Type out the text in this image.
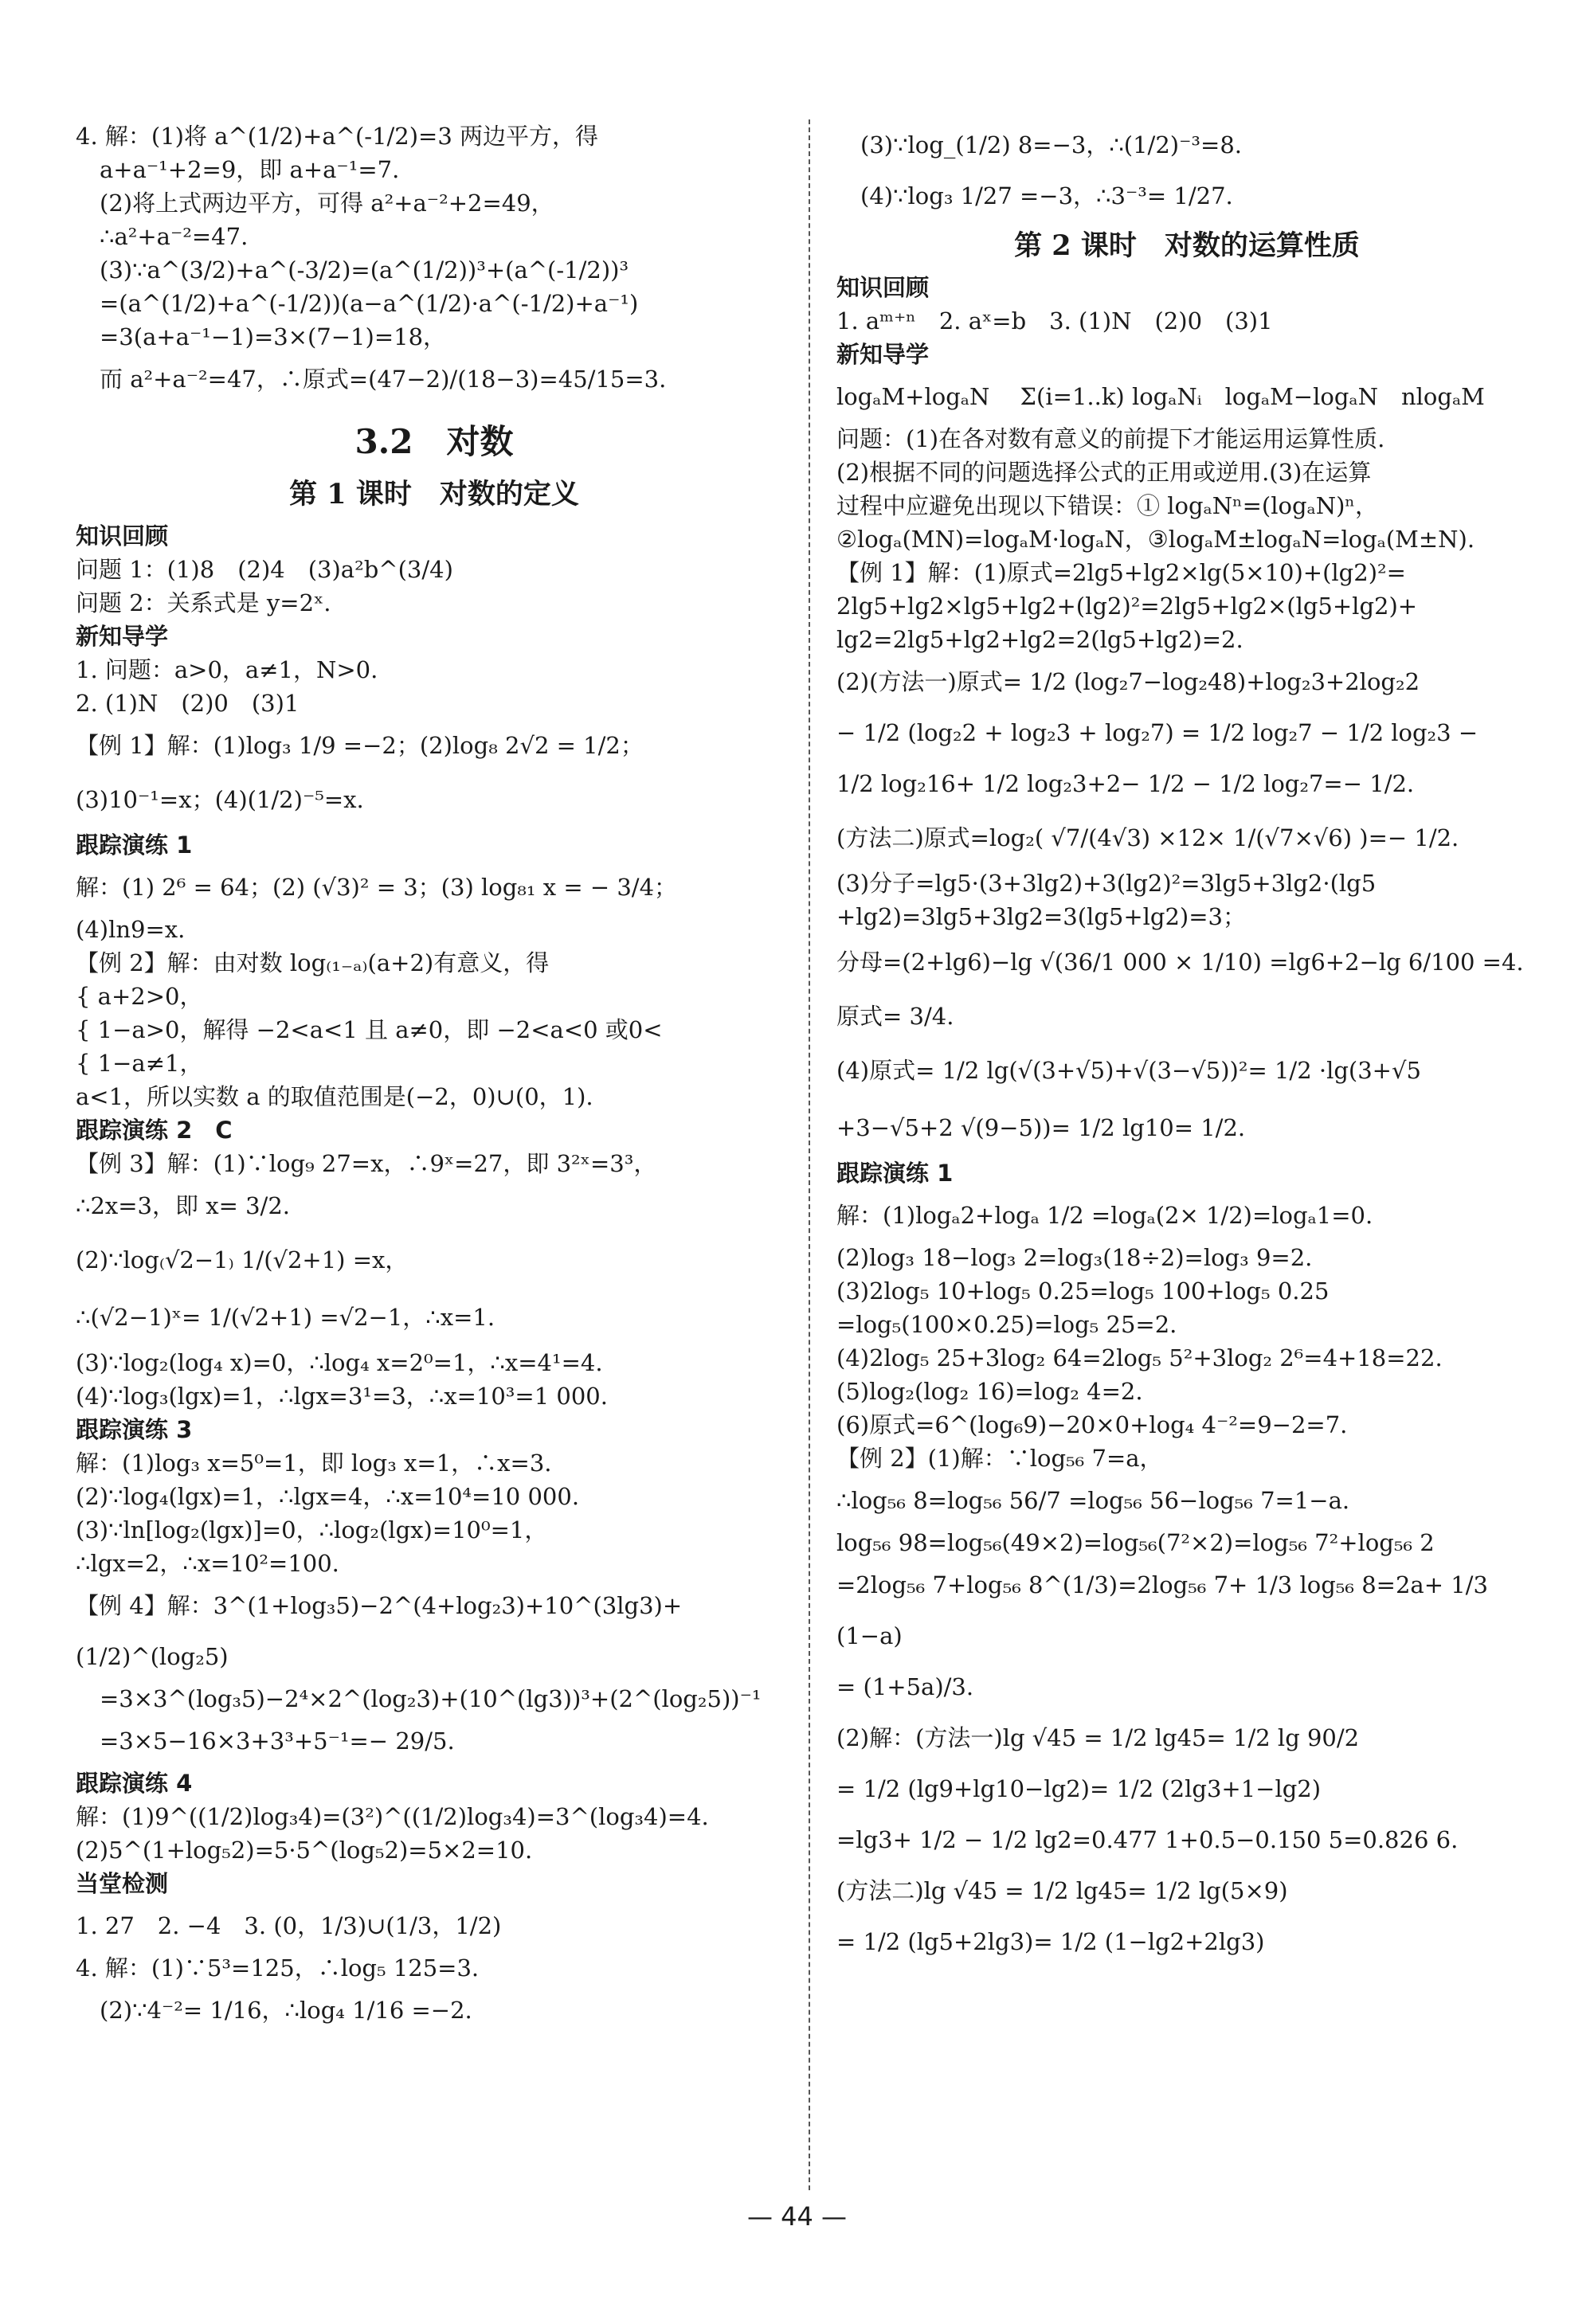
4. 解：(1)将 a^(1/2)+a^(-1/2)=3 两边平方，得

a+a⁻¹+2=9，即 a+a⁻¹=7.

(2)将上式两边平方，可得 a²+a⁻²+2=49，

∴a²+a⁻²=47.

(3)∵a^(3/2)+a^(-3/2)=(a^(1/2))³+(a^(-1/2))³

=(a^(1/2)+a^(-1/2))(a−a^(1/2)·a^(-1/2)+a⁻¹)

=3(a+a⁻¹−1)=3×(7−1)=18，

而 a²+a⁻²=47，∴原式=(47−2)/(18−3)=45/15=3.

3.2　对数

第 1 课时　对数的定义

知识回顾

问题 1：(1)8　(2)4　(3)a²b^(3/4)

问题 2：关系式是 y=2ˣ.

新知导学

1. 问题：a>0，a≠1，N>0.

2. (1)N　(2)0　(3)1

【例 1】解：(1)log₃ 1/9 =−2；(2)log₈ 2√2 = 1/2；

(3)10⁻¹=x；(4)(1/2)⁻⁵=x.

跟踪演练 1

解：(1) 2⁶ = 64；(2) (√3)² = 3；(3) log₈₁ x = − 3/4；

(4)ln9=x.

【例 2】解：由对数 log₍₁₋ₐ₎(a+2)有意义，得

{ a+2>0，

{ 1−a>0，解得 −2<a<1 且 a≠0，即 −2<a<0 或0<

{ 1−a≠1，

a<1，所以实数 a 的取值范围是(−2，0)∪(0，1).

跟踪演练 2　C

【例 3】解：(1)∵log₉ 27=x，∴9ˣ=27，即 3²ˣ=3³，

∴2x=3，即 x= 3/2.

(2)∵log₍√2−1₎ 1/(√2+1) =x，

∴(√2−1)ˣ= 1/(√2+1) =√2−1，∴x=1.

(3)∵log₂(log₄ x)=0，∴log₄ x=2⁰=1，∴x=4¹=4.

(4)∵log₃(lgx)=1，∴lgx=3¹=3，∴x=10³=1 000.

跟踪演练 3

解：(1)log₃ x=5⁰=1，即 log₃ x=1，∴x=3.

(2)∵log₄(lgx)=1，∴lgx=4，∴x=10⁴=10 000.

(3)∵ln[log₂(lgx)]=0，∴log₂(lgx)=10⁰=1，

∴lgx=2，∴x=10²=100.

【例 4】解：3^(1+log₃5)−2^(4+log₂3)+10^(3lg3)+(1/2)^(log₂5)

=3×3^(log₃5)−2⁴×2^(log₂3)+(10^(lg3))³+(2^(log₂5))⁻¹

=3×5−16×3+3³+5⁻¹=− 29/5.

跟踪演练 4

解：(1)9^((1/2)log₃4)=(3²)^((1/2)log₃4)=3^(log₃4)=4.

(2)5^(1+log₅2)=5·5^(log₅2)=5×2=10.

当堂检测

1. 27　2. −4　3. (0，1/3)∪(1/3，1/2)

4. 解：(1)∵5³=125，∴log₅ 125=3.

(2)∵4⁻²= 1/16，∴log₄ 1/16 =−2.

(3)∵log_(1/2) 8=−3，∴(1/2)⁻³=8.

(4)∵log₃ 1/27 =−3，∴3⁻³= 1/27.

第 2 课时　对数的运算性质

知识回顾

1. aᵐ⁺ⁿ　2. aˣ=b　3. (1)N　(2)0　(3)1

新知导学

logₐM+logₐN　 Σ(i=1..k) logₐNᵢ　logₐM−logₐN　nlogₐM

问题：(1)在各对数有意义的前提下才能运用运算性质.

(2)根据不同的问题选择公式的正用或逆用.(3)在运算

过程中应避免出现以下错误：① logₐNⁿ=(logₐN)ⁿ，

②logₐ(MN)=logₐM·logₐN，③logₐM±logₐN=logₐ(M±N).

【例 1】解：(1)原式=2lg5+lg2×lg(5×10)+(lg2)²=

2lg5+lg2×lg5+lg2+(lg2)²=2lg5+lg2×(lg5+lg2)+

lg2=2lg5+lg2+lg2=2(lg5+lg2)=2.

(2)(方法一)原式= 1/2 (log₂7−log₂48)+log₂3+2log₂2

− 1/2 (log₂2 + log₂3 + log₂7) = 1/2 log₂7 − 1/2 log₂3 −

1/2 log₂16+ 1/2 log₂3+2− 1/2 − 1/2 log₂7=− 1/2.

(方法二)原式=log₂( √7/(4√3) ×12× 1/(√7×√6) )=− 1/2.

(3)分子=lg5·(3+3lg2)+3(lg2)²=3lg5+3lg2·(lg5

+lg2)=3lg5+3lg2=3(lg5+lg2)=3；

分母=(2+lg6)−lg √(36/1 000 × 1/10) =lg6+2−lg 6/100 =4.

原式= 3/4.

(4)原式= 1/2 lg(√(3+√5)+√(3−√5))²= 1/2 ·lg(3+√5

+3−√5+2 √(9−5))= 1/2 lg10= 1/2.

跟踪演练 1

解：(1)logₐ2+logₐ 1/2 =logₐ(2× 1/2)=logₐ1=0.

(2)log₃ 18−log₃ 2=log₃(18÷2)=log₃ 9=2.

(3)2log₅ 10+log₅ 0.25=log₅ 100+log₅ 0.25

=log₅(100×0.25)=log₅ 25=2.

(4)2log₅ 25+3log₂ 64=2log₅ 5²+3log₂ 2⁶=4+18=22.

(5)log₂(log₂ 16)=log₂ 4=2.

(6)原式=6^(log₆9)−20×0+log₄ 4⁻²=9−2=7.

【例 2】(1)解：∵log₅₆ 7=a，

∴log₅₆ 8=log₅₆ 56/7 =log₅₆ 56−log₅₆ 7=1−a.

log₅₆ 98=log₅₆(49×2)=log₅₆(7²×2)=log₅₆ 7²+log₅₆ 2

=2log₅₆ 7+log₅₆ 8^(1/3)=2log₅₆ 7+ 1/3 log₅₆ 8=2a+ 1/3 (1−a)

= (1+5a)/3.

(2)解：(方法一)lg √45 = 1/2 lg45= 1/2 lg 90/2

= 1/2 (lg9+lg10−lg2)= 1/2 (2lg3+1−lg2)

=lg3+ 1/2 − 1/2 lg2=0.477 1+0.5−0.150 5=0.826 6.

(方法二)lg √45 = 1/2 lg45= 1/2 lg(5×9)

= 1/2 (lg5+2lg3)= 1/2 (1−lg2+2lg3)

— 44 —
